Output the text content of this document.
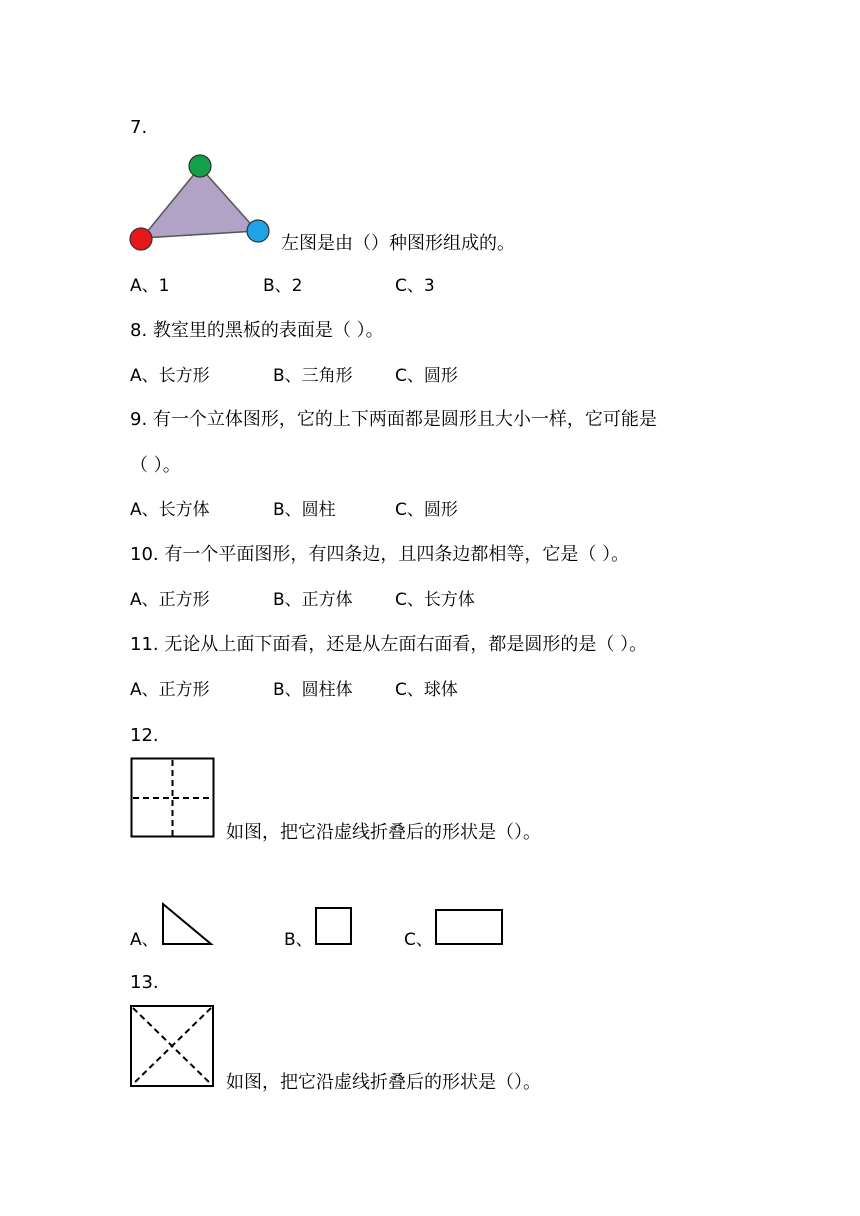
7.
左图是由（）种图形组成的。
A、1	B、2	C、3
8. 教室里的黑板的表面是（ ）。
A、长方形	B、三角形 C、圆形
9. 有一个立体图形，它的上下两面都是圆形且大小一样，它可能是
（ ）。
A、长方体	B、圆柱	C、圆形
10. 有一个平面图形，有四条边，且四条边都相等，它是（ ）。
A、正方形	B、正方体 C、长方体
11. 无论从上面下面看，还是从左面右面看，都是圆形的是（ ）。
A、正方形	B、圆柱体 C、球体
12.
如图，把它沿虚线折叠后的形状是（）。
A、	B、	C、
13.
如图，把它沿虚线折叠后的形状是（）。
